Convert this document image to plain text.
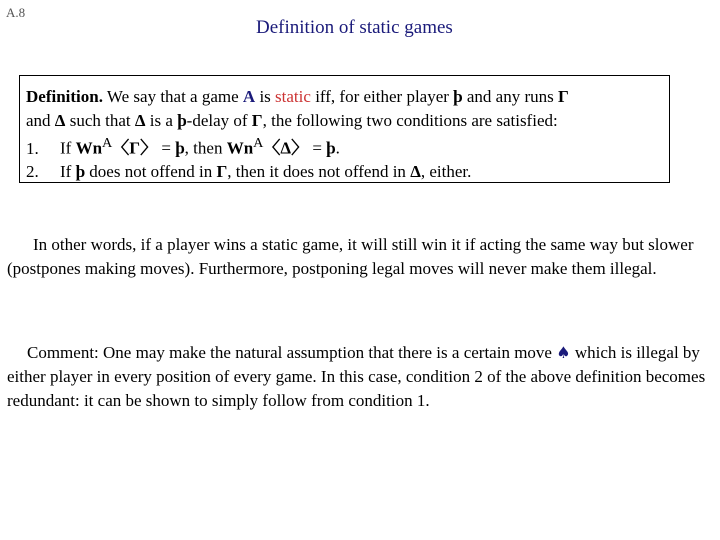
A.8
Definition of static games
Definition. We say that a game A is static iff, for either player þ and any runs Γ
and Δ such that Δ is a þ-delay of Γ, the following two conditions are satisfied:
1. If $Wn^A$〈Γ〉 = þ, then $Wn^A$〈Δ〉 = þ.
2. If þ does not offend in Γ, then it does not offend in Δ, either.
In other words, if a player wins a static game, it will still win it if acting the same way but slower (postpones making moves). Furthermore, postponing legal moves will never make them illegal.
Comment: One may make the natural assumption that there is a certain move ♠ which is illegal by either player in every position of every game. In this case, condition 2 of the above definition becomes redundant: it can be shown to simply follow from condition 1.
